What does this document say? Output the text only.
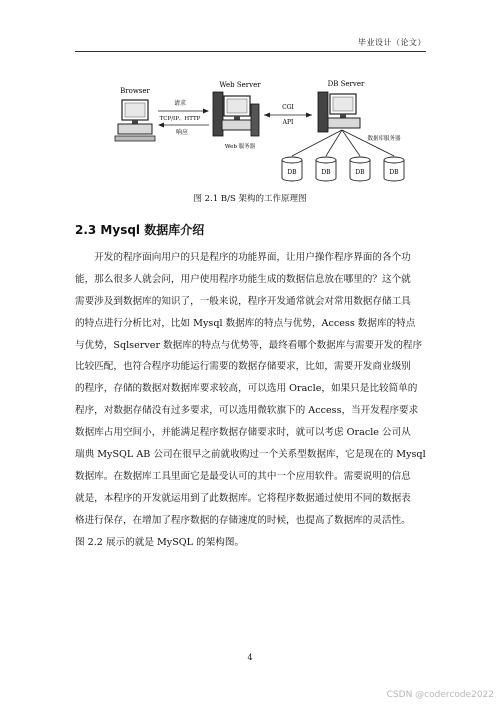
毕业设计（论文）
Browser
请求
TCP/IP、HTTP
响应
Web Server
Web 服务器
CGI
API
DB Server
数据库服务器
DB	DB	DB	DB
图 2.1 B/S 架构的工作原理图
2.3 Mysql 数据库介绍
　　开发的程序面向用户的只是程序的功能界面，让用户操作程序界面的各个功
能，那么很多人就会问，用户使用程序功能生成的数据信息放在哪里的？这个就
需要涉及到数据库的知识了，一般来说，程序开发通常就会对常用数据存储工具
的特点进行分析比对，比如 Mysql 数据库的特点与优势，Access 数据库的特点
与优势，Sqlserver 数据库的特点与优势等，最终看哪个数据库与需要开发的程序
比较匹配，也符合程序功能运行需要的数据存储要求，比如，需要开发商业级别
的程序，存储的数据对数据库要求较高，可以选用 Oracle，如果只是比较简单的
程序，对数据存储没有过多要求，可以选用微软旗下的 Access，当开发程序要求
数据库占用空间小，并能满足程序数据存储要求时，就可以考虑 Oracle 公司从
瑞典 MySQL AB 公司在很早之前就收购过一个关系型数据库，它是现在的 Mysql
数据库。在数据库工具里面它是最受认可的其中一个应用软件。需要说明的信息
就是，本程序的开发就运用到了此数据库。它将程序数据通过使用不同的数据表
格进行保存，在增加了程序数据的存储速度的时候，也提高了数据库的灵活性。
图 2.2 展示的就是 MySQL 的架构图。
4
CSDN @codercode2022
